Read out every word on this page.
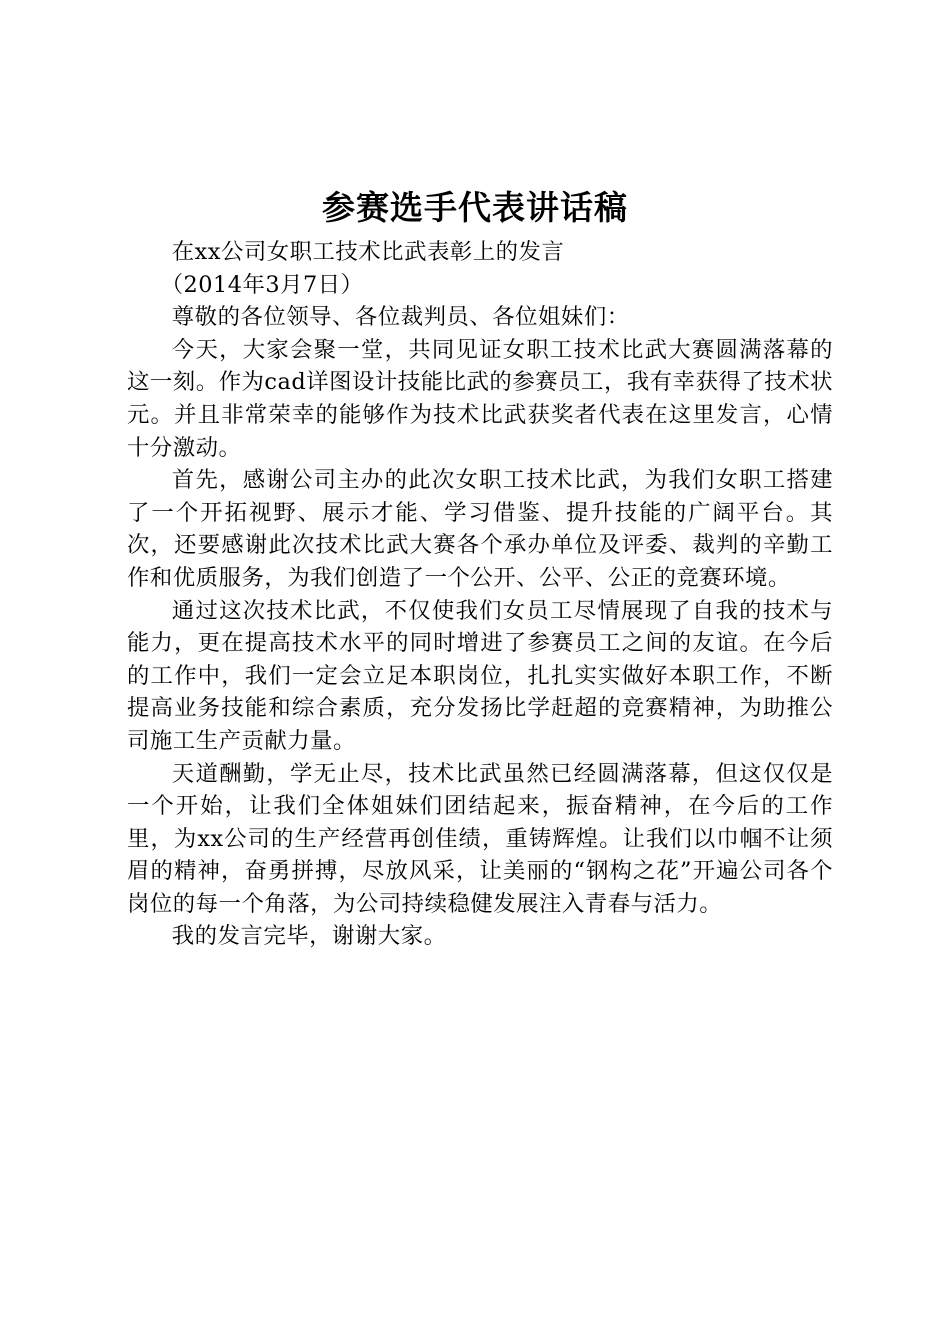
参赛选手代表讲话稿

在xx公司女职工技术比武表彰上的发言

（2014年3月7日）

尊敬的各位领导、各位裁判员、各位姐妹们：

今天，大家会聚一堂，共同见证女职工技术比武大赛圆满落幕的这一刻。作为cad详图设计技能比武的参赛员工，我有幸获得了技术状元。并且非常荣幸的能够作为技术比武获奖者代表在这里发言，心情十分激动。

首先，感谢公司主办的此次女职工技术比武，为我们女职工搭建了一个开拓视野、展示才能、学习借鉴、提升技能的广阔平台。其次，还要感谢此次技术比武大赛各个承办单位及评委、裁判的辛勤工作和优质服务，为我们创造了一个公开、公平、公正的竞赛环境。

通过这次技术比武，不仅使我们女员工尽情展现了自我的技术与能力，更在提高技术水平的同时增进了参赛员工之间的友谊。在今后的工作中，我们一定会立足本职岗位，扎扎实实做好本职工作，不断提高业务技能和综合素质，充分发扬比学赶超的竞赛精神，为助推公司施工生产贡献力量。

天道酬勤，学无止尽，技术比武虽然已经圆满落幕，但这仅仅是一个开始，让我们全体姐妹们团结起来，振奋精神，在今后的工作里，为xx公司的生产经营再创佳绩，重铸辉煌。让我们以巾帼不让须眉的精神，奋勇拼搏，尽放风采，让美丽的“钢构之花”开遍公司各个岗位的每一个角落，为公司持续稳健发展注入青春与活力。

我的发言完毕，谢谢大家。
